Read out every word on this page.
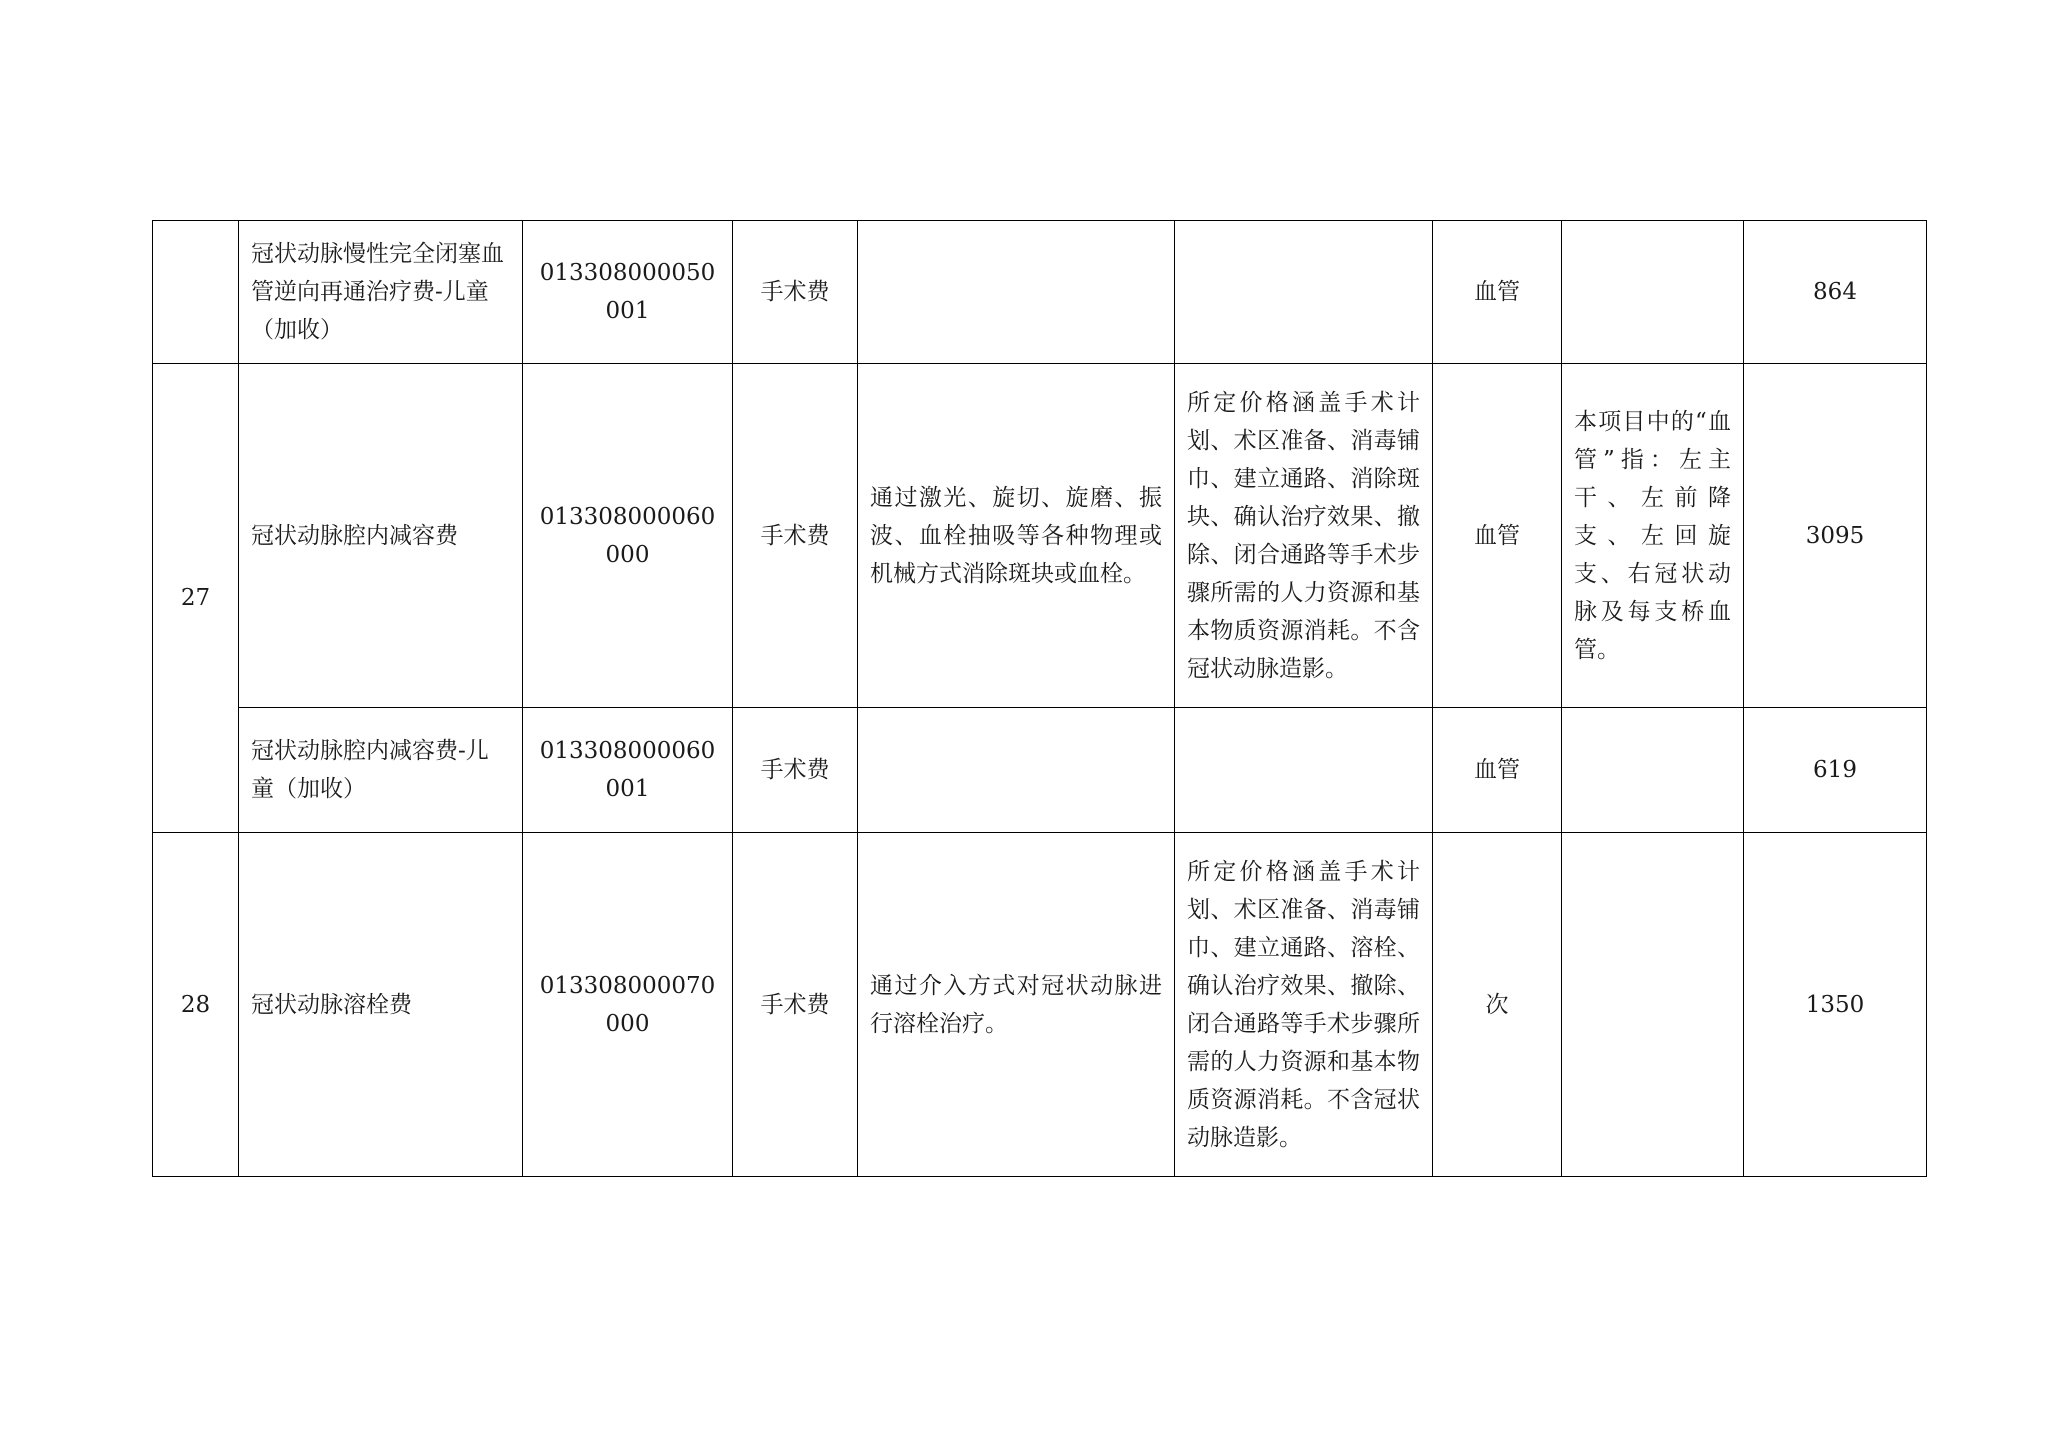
	冠状动脉慢性完全闭塞血管逆向再通治疗费-儿童（加收）	013308000050001	手术费			血管		864
27	冠状动脉腔内减容费	013308000060000	手术费	通过激光、旋切、旋磨、振波、血栓抽吸等各种物理或机械方式消除斑块或血栓。	所定价格涵盖手术计划、术区准备、消毒铺巾、建立通路、消除斑块、确认治疗效果、撤除、闭合通路等手术步骤所需的人力资源和基本物质资源消耗。不含冠状动脉造影。	血管	本项目中的“血管”指：左主干、左前降支、左回旋支、右冠状动脉及每支桥血管。	3095
	冠状动脉腔内减容费-儿童（加收）	013308000060001	手术费			血管		619
28	冠状动脉溶栓费	013308000070000	手术费	通过介入方式对冠状动脉进行溶栓治疗。	所定价格涵盖手术计划、术区准备、消毒铺巾、建立通路、溶栓、确认治疗效果、撤除、闭合通路等手术步骤所需的人力资源和基本物质资源消耗。不含冠状动脉造影。	次		1350
